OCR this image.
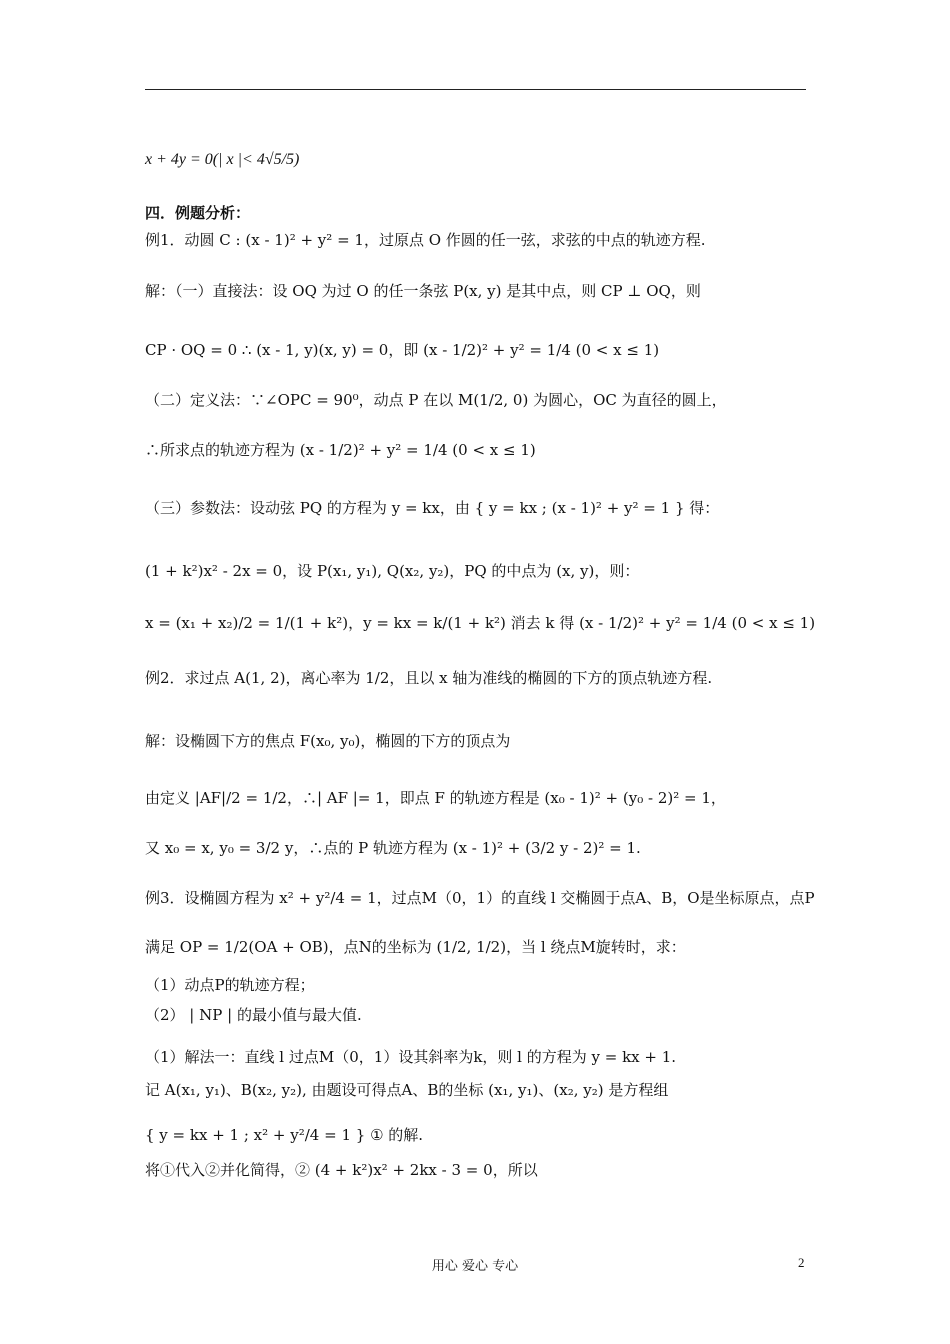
x + 4y = 0(| x |< 4√5/5)
四．例题分析：
例1．动圆 C : (x - 1)² + y² = 1，过原点 O 作圆的任一弦，求弦的中点的轨迹方程.
解：（一）直接法：设 OQ 为过 O 的任一条弦 P(x, y) 是其中点，则 CP ⊥ OQ，则
CP · OQ = 0 ∴ (x - 1, y)(x, y) = 0，即 (x - 1/2)² + y² = 1/4 (0 < x ≤ 1)
（二）定义法：∵∠OPC = 90⁰，动点 P 在以 M(1/2, 0) 为圆心，OC 为直径的圆上，
∴所求点的轨迹方程为 (x - 1/2)² + y² = 1/4 (0 < x ≤ 1)
（三）参数法：设动弦 PQ 的方程为 y = kx，由 { y = kx ; (x - 1)² + y² = 1 } 得：
(1 + k²)x² - 2x = 0，设 P(x₁, y₁), Q(x₂, y₂)，PQ 的中点为 (x, y)，则：
x = (x₁ + x₂)/2 = 1/(1 + k²)，y = kx = k/(1 + k²) 消去 k 得 (x - 1/2)² + y² = 1/4 (0 < x ≤ 1)
例2．求过点 A(1, 2)，离心率为 1/2，且以 x 轴为准线的椭圆的下方的顶点轨迹方程.
解：设椭圆下方的焦点 F(x₀, y₀)，椭圆的下方的顶点为
由定义 |AF|/2 = 1/2，∴| AF |= 1，即点 F 的轨迹方程是 (x₀ - 1)² + (y₀ - 2)² = 1，
又 x₀ = x, y₀ = 3/2 y，∴点的 P 轨迹方程为 (x - 1)² + (3/2 y - 2)² = 1.
例3．设椭圆方程为 x² + y²/4 = 1，过点M（0，1）的直线 l 交椭圆于点A、B，O是坐标原点，点P
满足 OP = 1/2(OA + OB)，点N的坐标为 (1/2, 1/2)，当 l 绕点M旋转时，求：
（1）动点P的轨迹方程；
（2） | NP | 的最小值与最大值.
（1）解法一：直线 l 过点M（0，1）设其斜率为k，则 l 的方程为 y = kx + 1.
记 A(x₁, y₁)、B(x₂, y₂), 由题设可得点A、B的坐标 (x₁, y₁)、(x₂, y₂) 是方程组
{ y = kx + 1 ; x² + y²/4 = 1 } ① 的解.
将①代入②并化简得，② (4 + k²)x² + 2kx - 3 = 0，所以
用心 爱心 专心	2
